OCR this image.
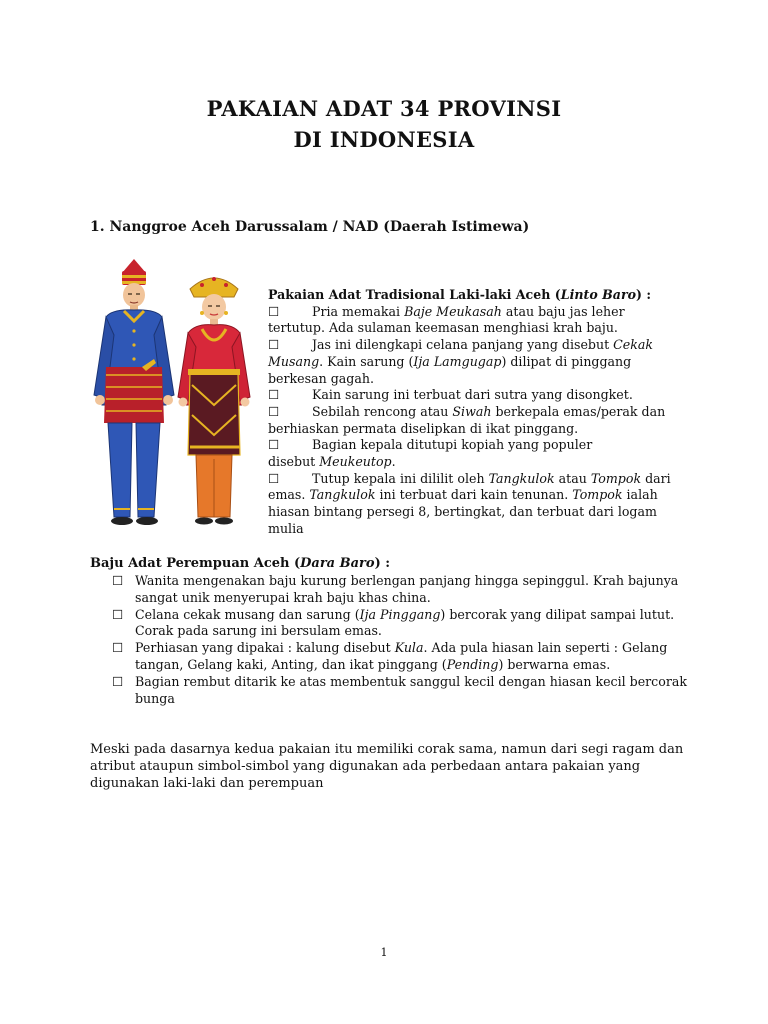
PAKAIAN ADAT 34 PROVINSI
DI INDONESIA
1. Nanggroe Aceh Darussalam / NAD (Daerah Istimewa)
Pakaian Adat Tradisional Laki-laki Aceh (Linto Baro) :
☐	Pria memakai Baje Meukasah atau baju jas leher
tertutup. Ada sulaman keemasan menghiasi krah baju.
☐	Jas ini dilengkapi celana panjang yang disebut Cekak
Musang. Kain sarung (Ija Lamgugap) dilipat di pinggang
berkesan gagah.
☐	Kain sarung ini terbuat dari sutra yang disongket.
☐	Sebilah rencong atau Siwah berkepala emas/perak dan
berhiaskan permata diselipkan di ikat pinggang.
☐	Bagian kepala ditutupi kopiah yang populer
disebut Meukeutop.
☐	Tutup kepala ini dililit oleh Tangkulok atau Tompok dari
emas. Tangkulok ini terbuat dari kain tenunan. Tompok ialah
hiasan bintang persegi 8, bertingkat, dan terbuat dari logam
mulia
Baju Adat Perempuan Aceh (Dara Baro) :
☐ Wanita mengenakan baju kurung berlengan panjang hingga sepinggul. Krah bajunya sangat unik menyerupai krah baju khas china.
☐ Celana cekak musang dan sarung (Ija Pinggang) bercorak yang dilipat sampai lutut. Corak pada sarung ini bersulam emas.
☐ Perhiasan yang dipakai : kalung disebut Kula. Ada pula hiasan lain seperti : Gelang tangan, Gelang kaki, Anting, dan ikat pinggang (Pending) berwarna emas.
☐ Bagian rembut ditarik ke atas membentuk sanggul kecil dengan hiasan kecil bercorak bunga
Meski pada dasarnya kedua pakaian itu memiliki corak sama, namun dari segi ragam dan atribut ataupun simbol-simbol yang digunakan ada perbedaan antara pakaian yang digunakan laki-laki dan perempuan
1
